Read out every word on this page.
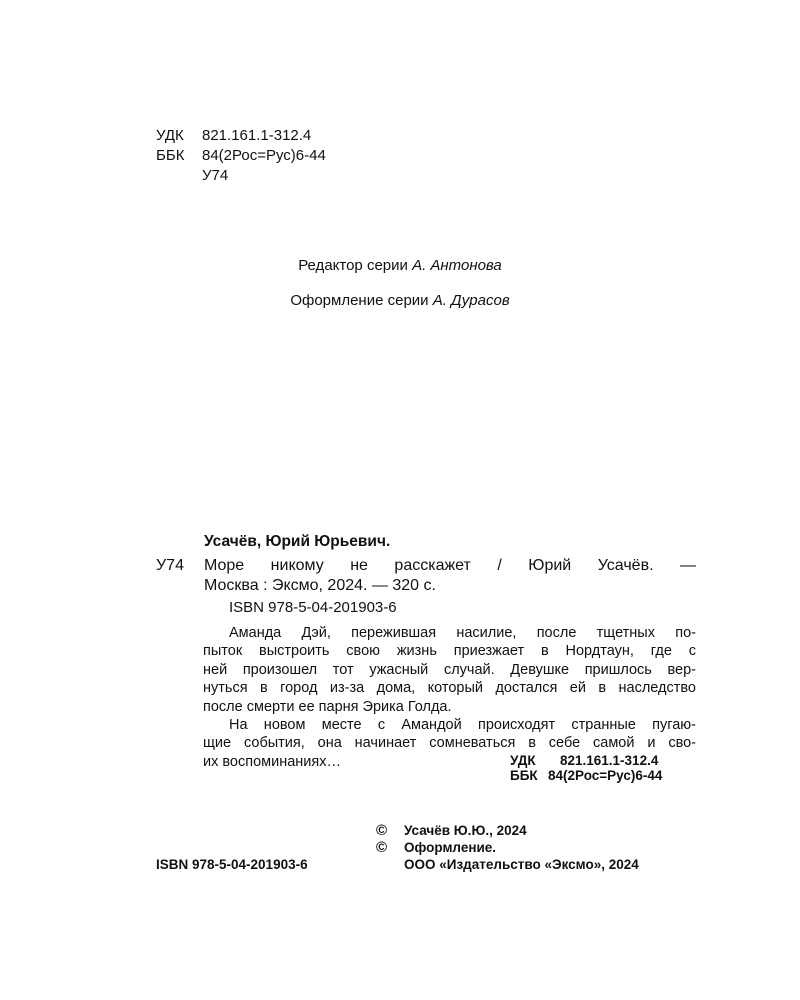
УДК 821.161.1-312.4
ББК 84(2Рос=Рус)6-44
У74
Редактор серии А. Антонова
Оформление серии А. Дурасов
Усачёв, Юрий Юрьевич.
У74 Море никому не расскажет / Юрий Усачёв. —
Москва : Эксмо, 2024. — 320 с.
ISBN 978-5-04-201903-6
Аманда Дэй, пережившая насилие, после тщетных по-
пыток выстроить свою жизнь приезжает в Нордтаун, где с
ней произошел тот ужасный случай. Девушке пришлось вер-
нуться в город из-за дома, который достался ей в наследство
после смерти ее парня Эрика Голда.
На новом месте с Амандой происходят странные пугаю-
щие события, она начинает сомневаться в себе самой и сво-
их воспоминаниях…	УДК 821.161.1-312.4
ББК 84(2Рос=Рус)6-44
© Усачёв Ю.Ю., 2024
© Оформление.
ООО «Издательство «Эксмо», 2024
ISBN 978-5-04-201903-6
